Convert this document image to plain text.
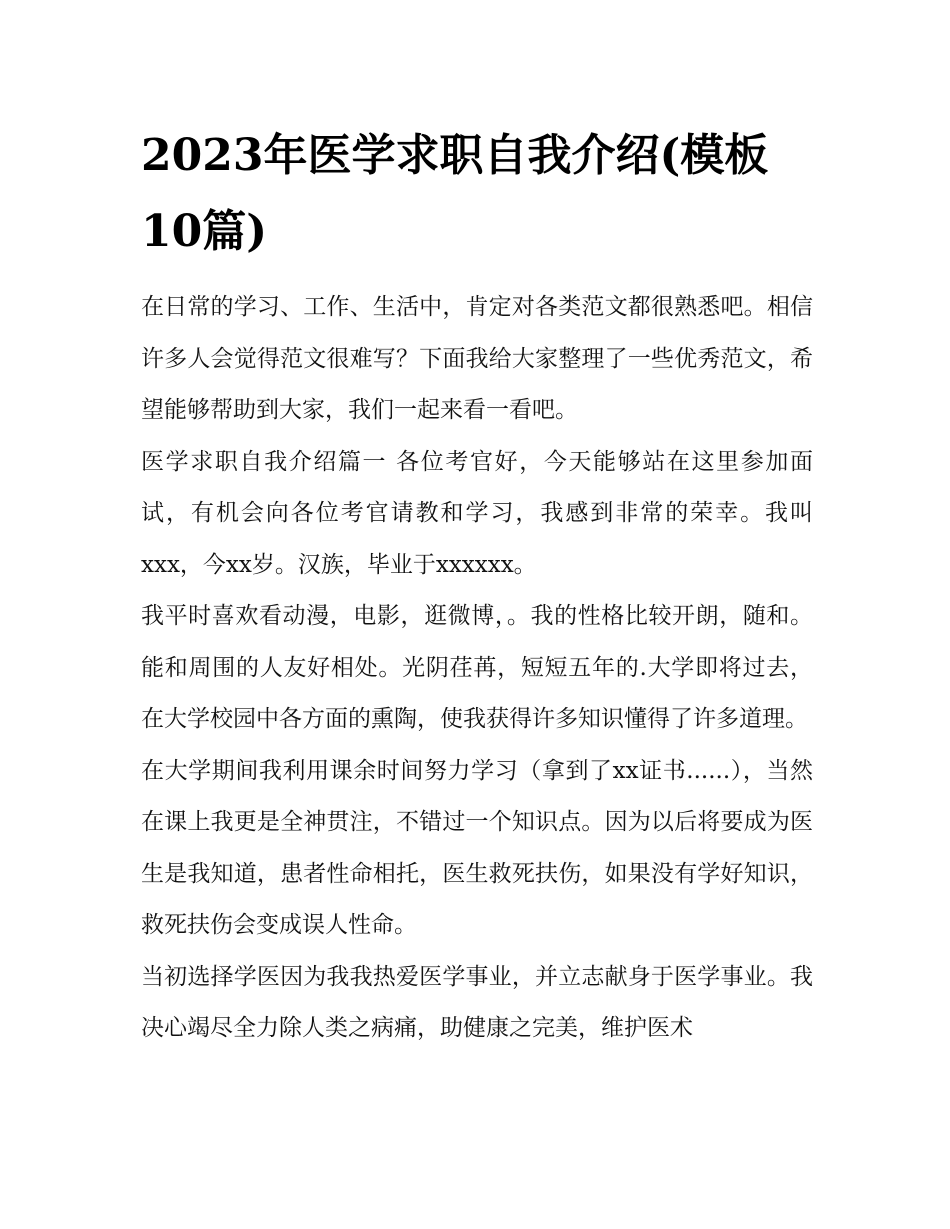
2023年医学求职自我介绍(模板10篇)

在日常的学习、工作、生活中，肯定对各类范文都很熟悉吧。相信许多人会觉得范文很难写？下面我给大家整理了一些优秀范文，希望能够帮助到大家，我们一起来看一看吧。

医学求职自我介绍篇一 各位考官好，今天能够站在这里参加面试，有机会向各位考官请教和学习，我感到非常的荣幸。我叫xxx，今xx岁。汉族，毕业于xxxxxx。

我平时喜欢看动漫，电影，逛微博，。我的性格比较开朗，随和。能和周围的人友好相处。光阴荏苒，短短五年的.大学即将过去，在大学校园中各方面的熏陶，使我获得许多知识懂得了许多道理。

在大学期间我利用课余时间努力学习（拿到了xx证书......），当然在课上我更是全神贯注，不错过一个知识点。因为以后将要成为医生是我知道，患者性命相托，医生救死扶伤，如果没有学好知识，救死扶伤会变成误人性命。

当初选择学医因为我我热爱医学事业，并立志献身于医学事业。我决心竭尽全力除人类之病痛，助健康之完美，维护医术
